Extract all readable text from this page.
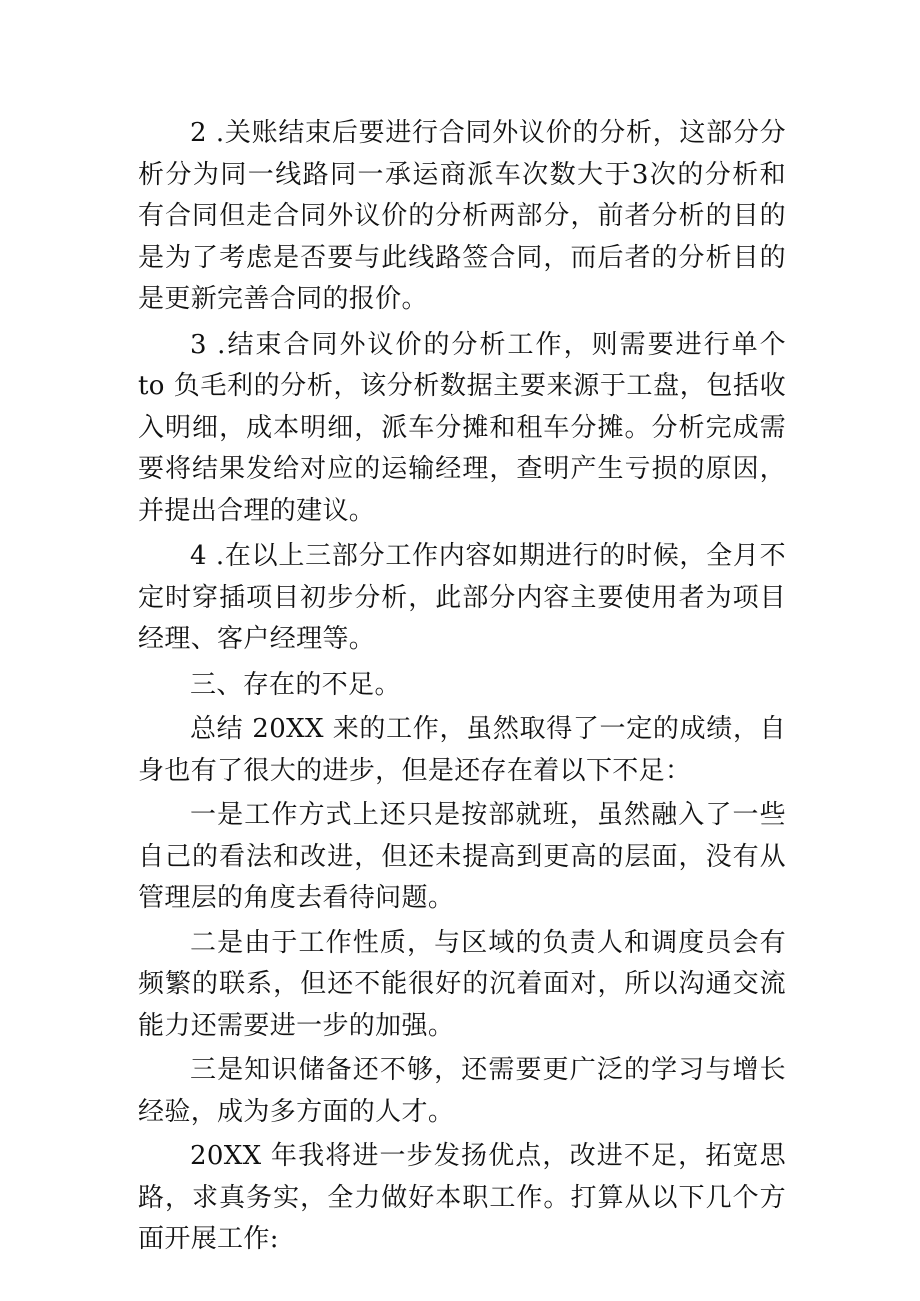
2 .关账结束后要进行合同外议价的分析，这部分分析分为同一线路同一承运商派车次数大于3次的分析和有合同但走合同外议价的分析两部分，前者分析的目的是为了考虑是否要与此线路签合同，而后者的分析目的是更新完善合同的报价。

3 .结束合同外议价的分析工作，则需要进行单个 to 负毛利的分析，该分析数据主要来源于工盘，包括收入明细，成本明细，派车分摊和租车分摊。分析完成需要将结果发给对应的运输经理，查明产生亏损的原因，并提出合理的建议。

4 .在以上三部分工作内容如期进行的时候，全月不定时穿插项目初步分析，此部分内容主要使用者为项目经理、客户经理等。

三、存在的不足。

总结 20XX 来的工作，虽然取得了一定的成绩，自身也有了很大的进步，但是还存在着以下不足：

一是工作方式上还只是按部就班，虽然融入了一些自己的看法和改进，但还未提高到更高的层面，没有从管理层的角度去看待问题。

二是由于工作性质，与区域的负责人和调度员会有频繁的联系，但还不能很好的沉着面对，所以沟通交流能力还需要进一步的加强。

三是知识储备还不够，还需要更广泛的学习与增长经验，成为多方面的人才。

20XX 年我将进一步发扬优点，改进不足，拓宽思路，求真务实，全力做好本职工作。打算从以下几个方面开展工作:
